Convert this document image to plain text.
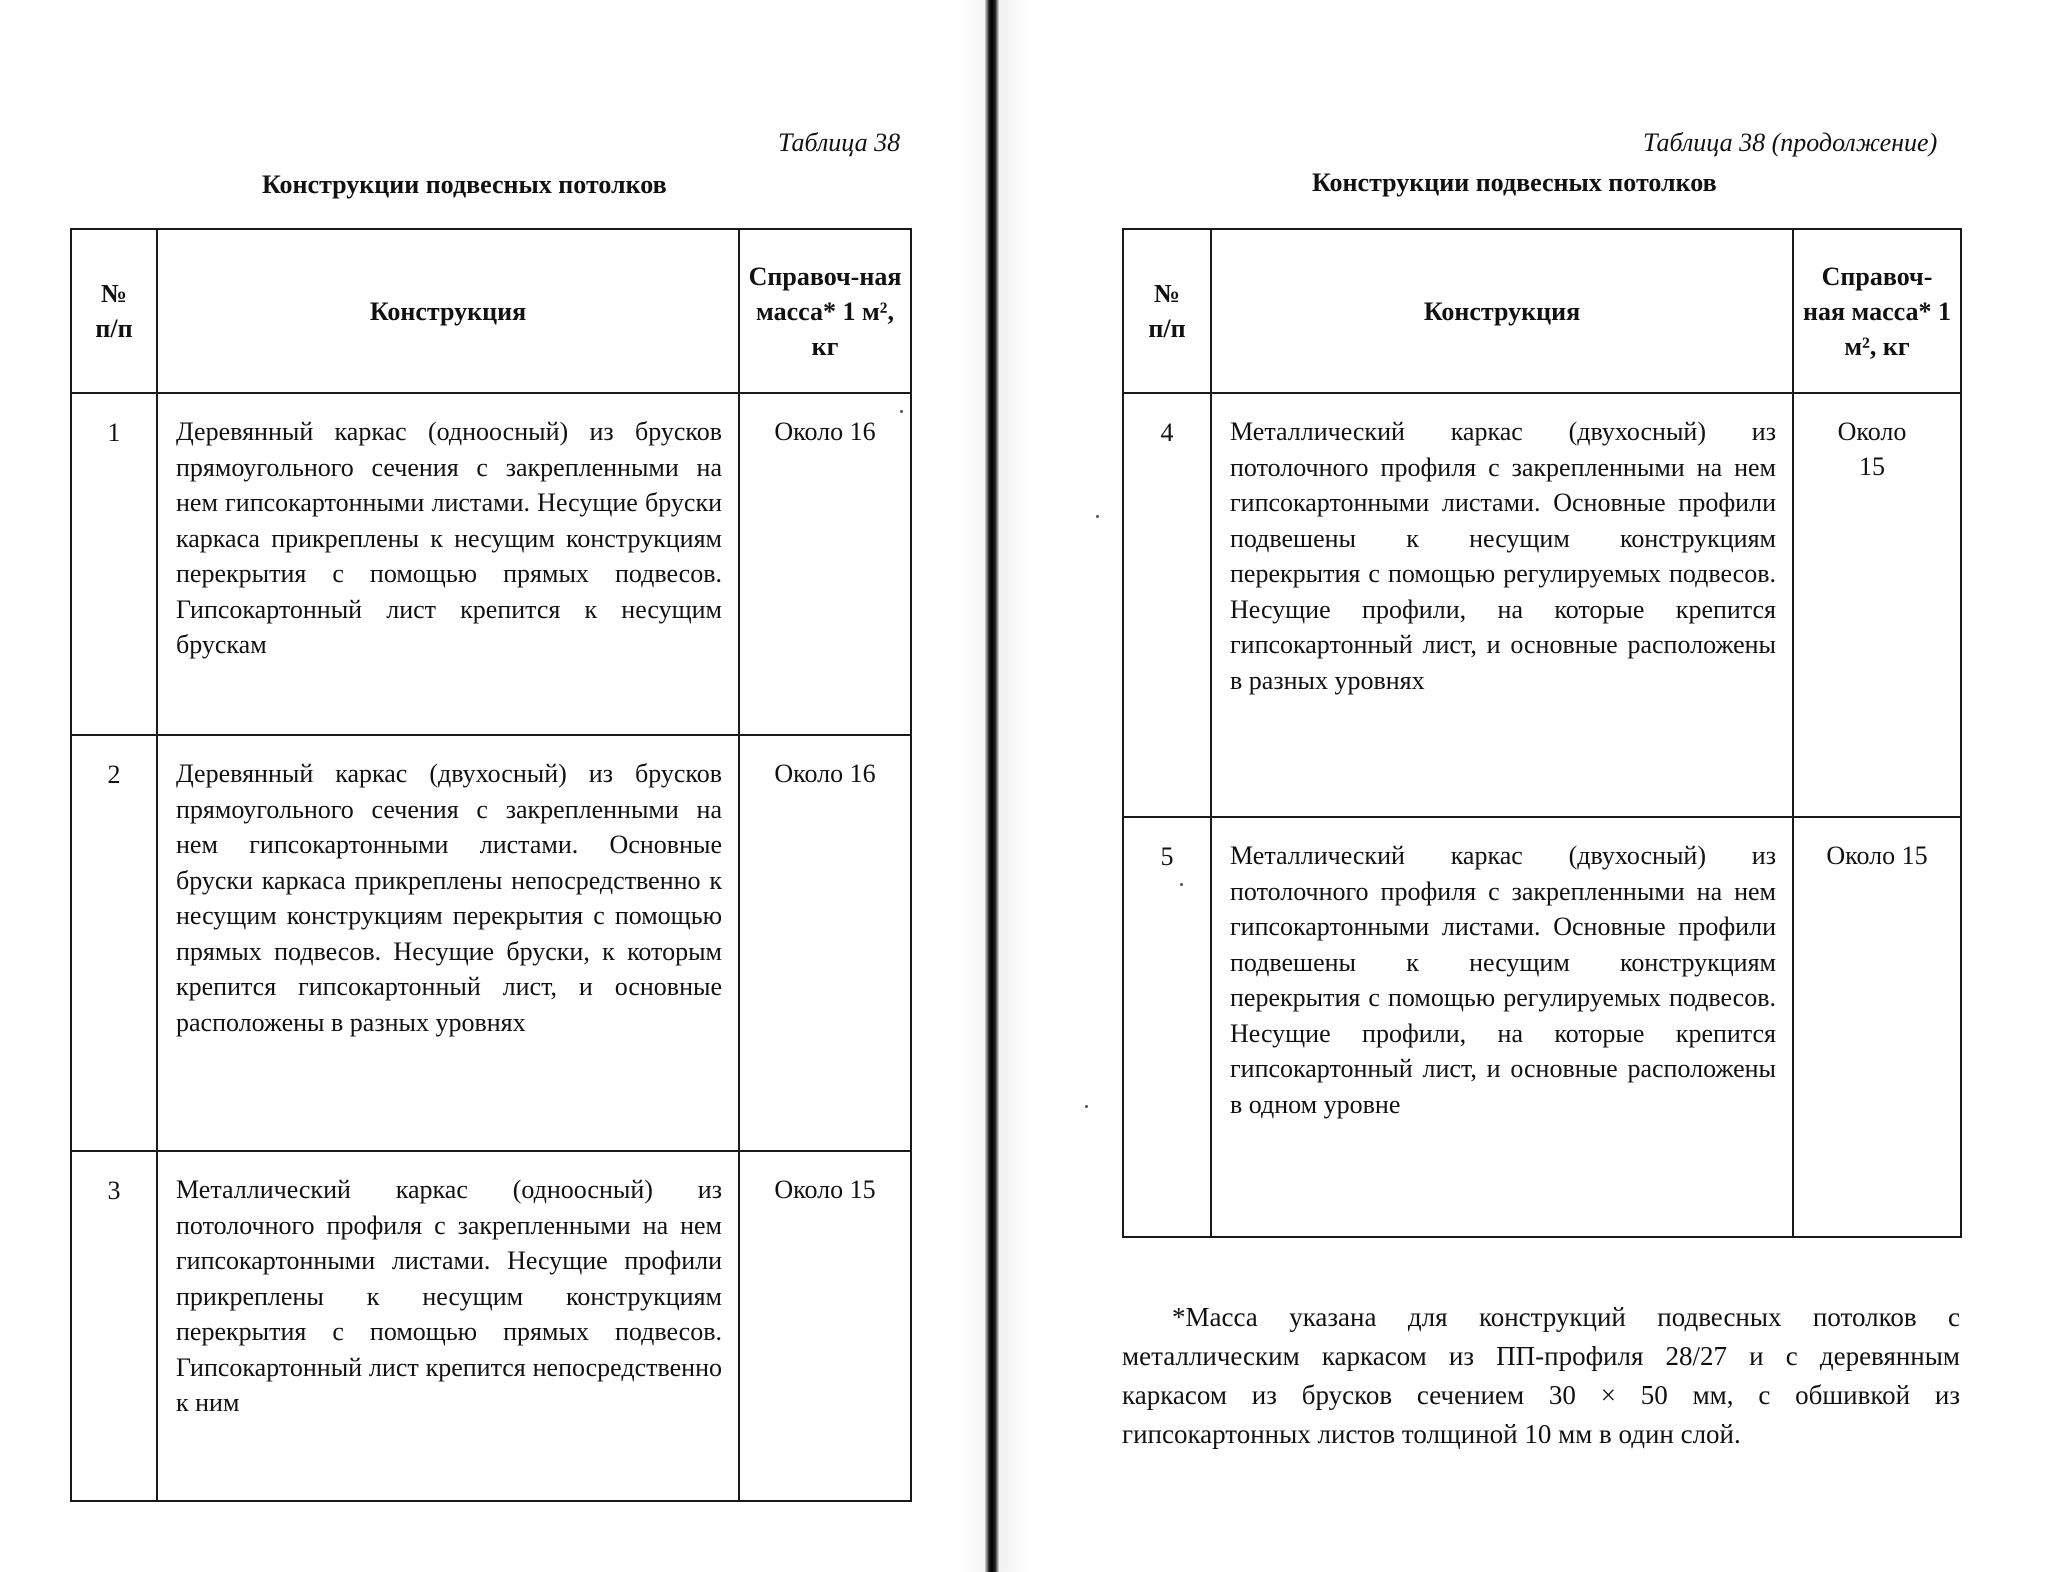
Таблица 38
Конструкции подвесных потолков
№ п/п	Конструкция	Справоч-ная масса* 1 м², кг
1	Деревянный каркас (одноосный) из брусков прямоугольного сечения с закрепленными на нем гипсокартонными листами. Несущие бруски каркаса прикреплены к несущим конструкциям перекрытия с помощью прямых подвесов. Гипсокартонный лист крепится к несущим брускам	Около 16
2	Деревянный каркас (двухосный) из брусков прямоугольного сечения с закрепленными на нем гипсокартонными листами. Основные бруски каркаса прикреплены непосредственно к несущим конструкциям перекрытия с помощью прямых подвесов. Несущие бруски, к которым крепится гипсокартонный лист, и основные расположены в разных уровнях	Около 16
3	Металлический каркас (одноосный) из потолочного профиля с закрепленными на нем гипсокартонными листами. Несущие профили прикреплены к несущим конструкциям перекрытия с помощью прямых подвесов. Гипсокартонный лист крепится непосредственно к ним	Около 15
Таблица 38 (продолжение)
Конструкции подвесных потолков
№ п/п	Конструкция	Справоч-ная масса* 1 м², кг
4	Металлический каркас (двухосный) из потолочного профиля с закрепленными на нем гипсокартонными листами. Основные профили подвешены к несущим конструкциям перекрытия с помощью регулируемых подвесов. Несущие профили, на которые крепится гипсокартонный лист, и основные расположены в разных уровнях	Около 15
5	Металлический каркас (двухосный) из потолочного профиля с закрепленными на нем гипсокартонными листами. Основные профили подвешены к несущим конструкциям перекрытия с помощью регулируемых подвесов. Несущие профили, на которые крепится гипсокартонный лист, и основные расположены в одном уровне	Около 15

*Масса указана для конструкций подвесных потолков с металлическим каркасом из ПП-профиля 28/27 и с деревянным каркасом из брусков сечением 30 × 50 мм, с обшивкой из гипсокартонных листов толщиной 10 мм в один слой.
